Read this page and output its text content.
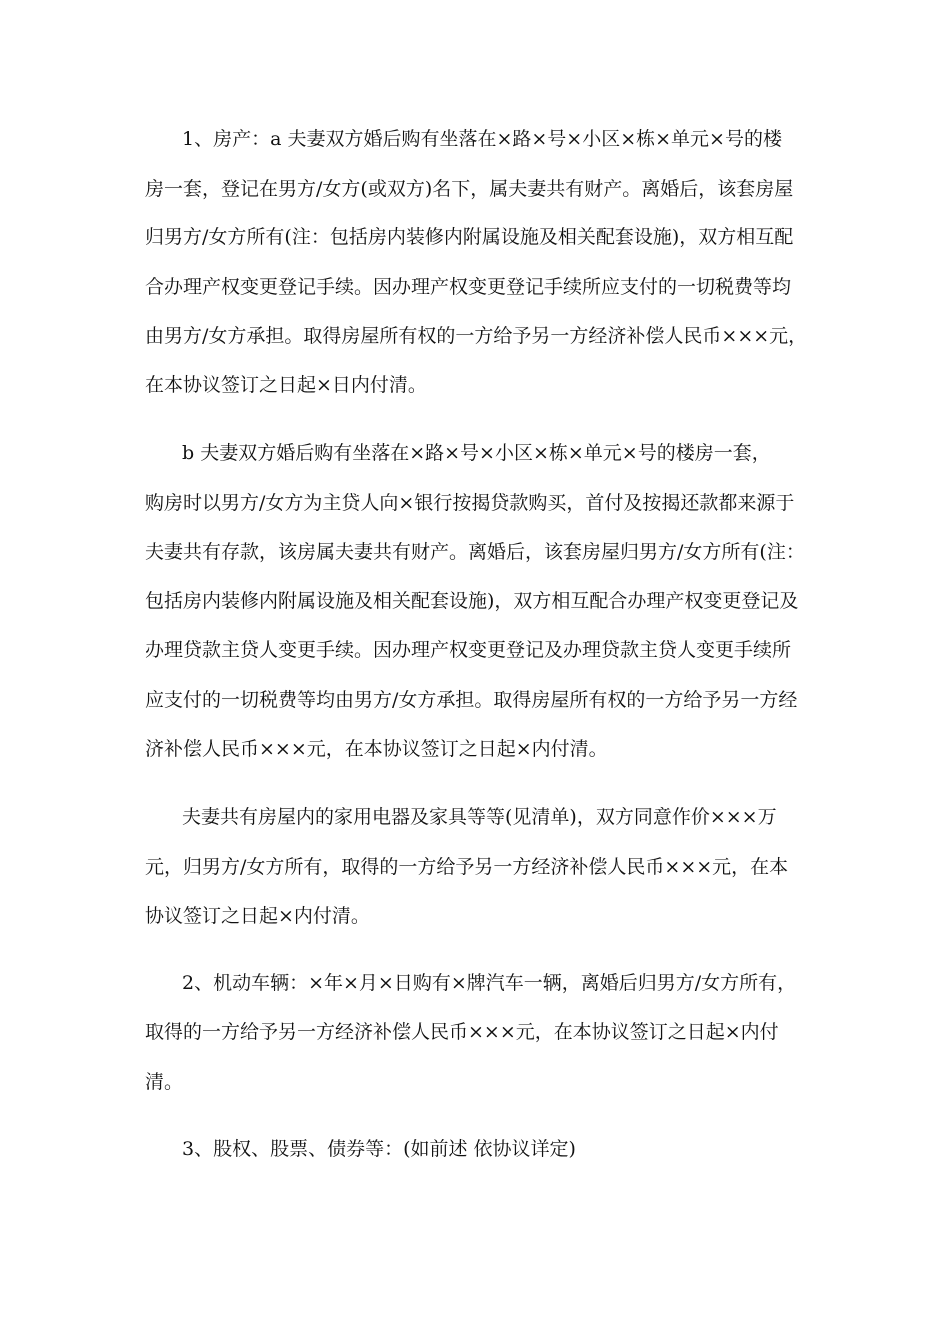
1、房产：a 夫妻双方婚后购有坐落在×路×号×小区×栋×单元×号的楼

房一套，登记在男方/女方(或双方)名下，属夫妻共有财产。离婚后，该套房屋

归男方/女方所有(注：包括房内装修内附属设施及相关配套设施)，双方相互配

合办理产权变更登记手续。因办理产权变更登记手续所应支付的一切税费等均

由男方/女方承担。取得房屋所有权的一方给予另一方经济补偿人民币×××元，

在本协议签订之日起×日内付清。

b 夫妻双方婚后购有坐落在×路×号×小区×栋×单元×号的楼房一套，

购房时以男方/女方为主贷人向×银行按揭贷款购买，首付及按揭还款都来源于

夫妻共有存款，该房属夫妻共有财产。离婚后，该套房屋归男方/女方所有(注：

包括房内装修内附属设施及相关配套设施)，双方相互配合办理产权变更登记及

办理贷款主贷人变更手续。因办理产权变更登记及办理贷款主贷人变更手续所

应支付的一切税费等均由男方/女方承担。取得房屋所有权的一方给予另一方经

济补偿人民币×××元，在本协议签订之日起×内付清。

夫妻共有房屋内的家用电器及家具等等(见清单)，双方同意作价×××万

元，归男方/女方所有，取得的一方给予另一方经济补偿人民币×××元，在本

协议签订之日起×内付清。

2、机动车辆：×年×月×日购有×牌汽车一辆，离婚后归男方/女方所有，

取得的一方给予另一方经济补偿人民币×××元，在本协议签订之日起×内付

清。

3、股权、股票、债券等：(如前述 依协议详定)
